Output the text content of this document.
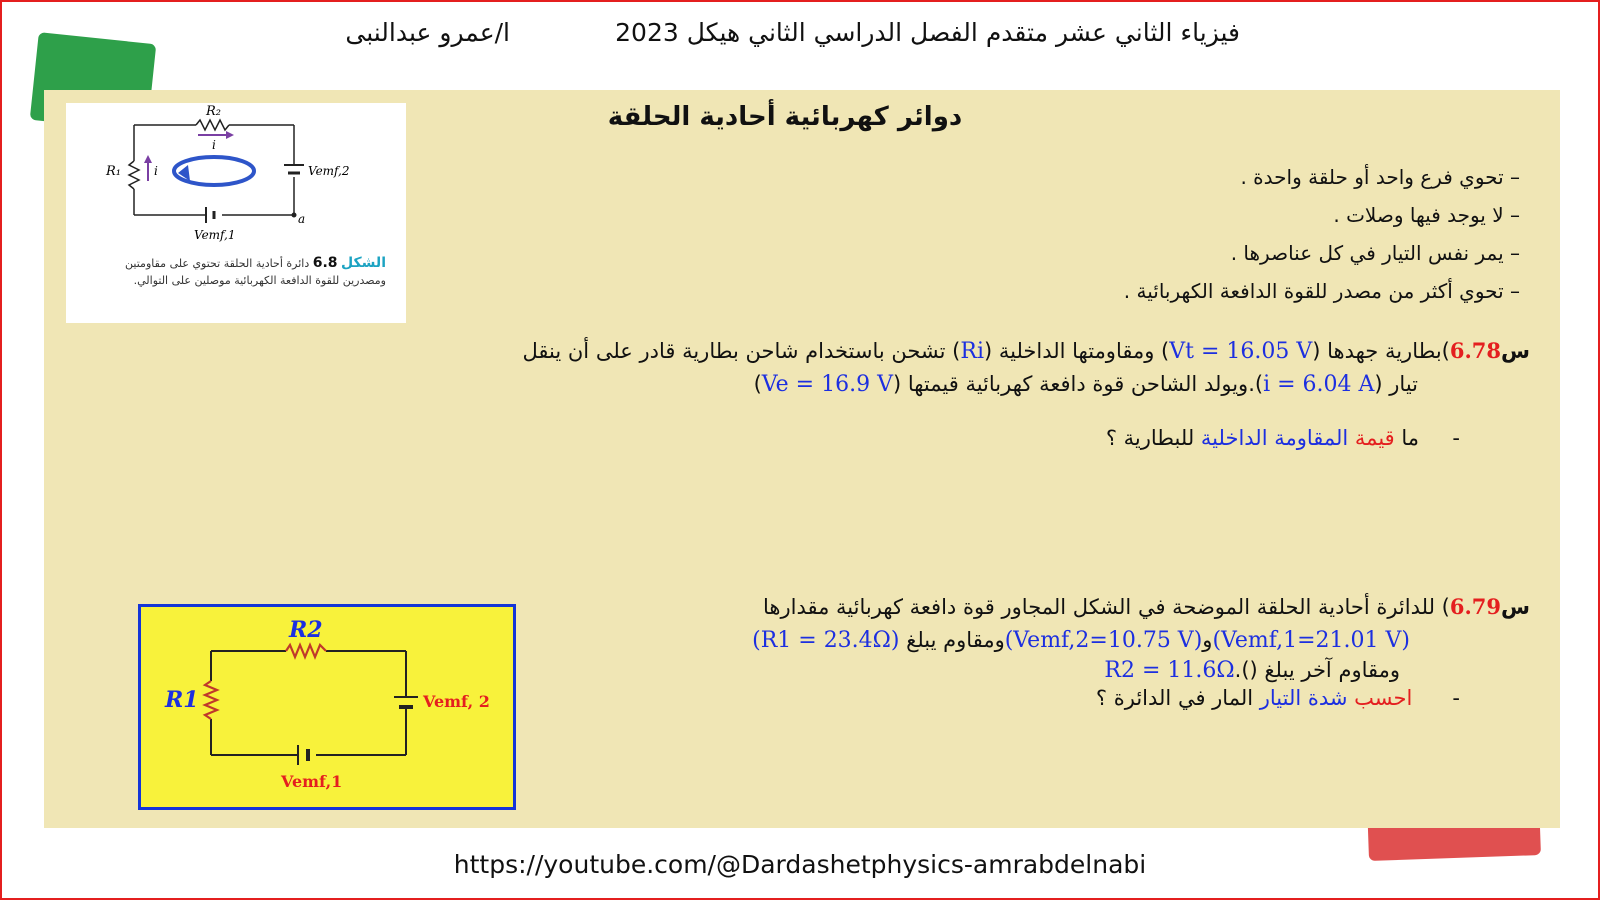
فيزياء الثاني عشر متقدم الفصل الدراسي الثاني هيكل 2023
ا/عمرو عبدالنبى
R₂
R₁	i
i
Vemf,2
Vemf,1
a
الشكل 6.8 دائرة أحادية الحلقة تحتوي على مقاومتين ومصدرين للقوة الدافعة الكهربائية موصلين على التوالي.
دوائر كهربائية أحادية الحلقة
– تحوي فرع واحد أو حلقة واحدة .
– لا يوجد فيها وصلات .
– يمر نفس التيار في كل عناصرها .
– تحوي أكثر من مصدر للقوة الدافعة الكهربائية .
س6.78)بطارية جهدها (Vt = 16.05 V) ومقاومتها الداخلية (Ri) تشحن باستخدام شاحن بطارية قادر على أن ينقل
تيار (i = 6.04 A).ويولد الشاحن قوة دافعة كهربائية قيمتها (Ve = 16.9 V)
-     ما قيمة المقاومة الداخلية للبطارية ؟
س6.79) للدائرة أحادية الحلقة الموضحة في الشكل المجاور قوة دافعة كهربائية مقدارها
(Vemf,1=21.01 V)و(Vemf,2=10.75 V)ومقاوم يبلغ (R1 = 23.4Ω)
ومقاوم آخر يبلغ ().R2 = 11.6Ω
-      احسب شدة التيار المار في الدائرة ؟
R2
R1	Vemf, 2
Vemf,1
https://youtube.com/@Dardashetphysics-amrabdelnabi
